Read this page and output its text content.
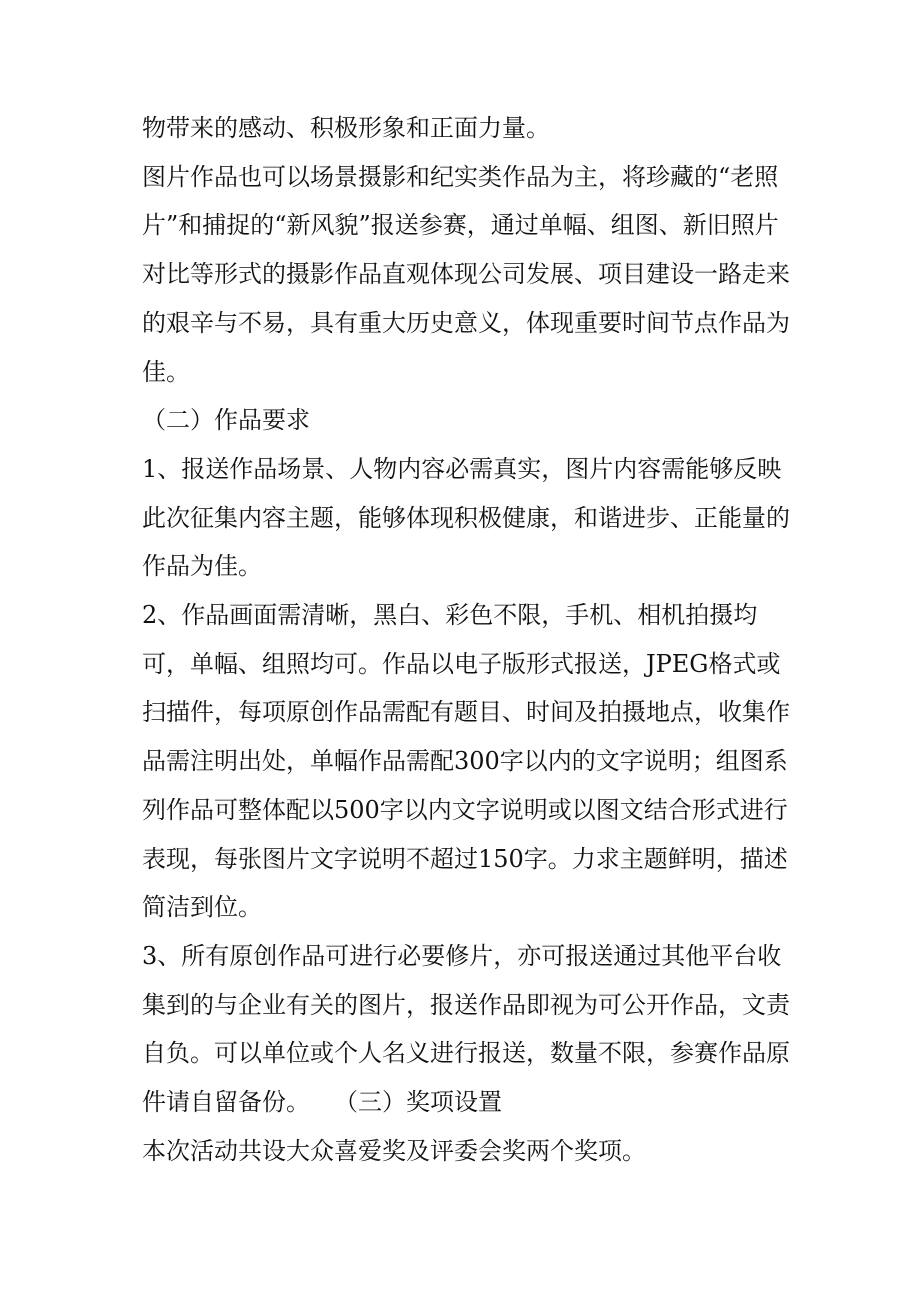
物带来的感动、积极形象和正面力量。

图片作品也可以场景摄影和纪实类作品为主，将珍藏的“老照片”和捕捉的“新风貌”报送参赛，通过单幅、组图、新旧照片对比等形式的摄影作品直观体现公司发展、项目建设一路走来的艰辛与不易，具有重大历史意义，体现重要时间节点作品为佳。

（二）作品要求

1、报送作品场景、人物内容必需真实，图片内容需能够反映此次征集内容主题，能够体现积极健康，和谐进步、正能量的作品为佳。

2、作品画面需清晰，黑白、彩色不限，手机、相机拍摄均可，单幅、组照均可。作品以电子版形式报送，JPEG格式或扫描件，每项原创作品需配有题目、时间及拍摄地点，收集作品需注明出处，单幅作品需配300字以内的文字说明；组图系列作品可整体配以500字以内文字说明或以图文结合形式进行表现，每张图片文字说明不超过150字。力求主题鲜明，描述简洁到位。

3、所有原创作品可进行必要修片，亦可报送通过其他平台收集到的与企业有关的图片，报送作品即视为可公开作品，文责自负。可以单位或个人名义进行报送，数量不限，参赛作品原件请自留备份。   （三）奖项设置

本次活动共设大众喜爱奖及评委会奖两个奖项。
